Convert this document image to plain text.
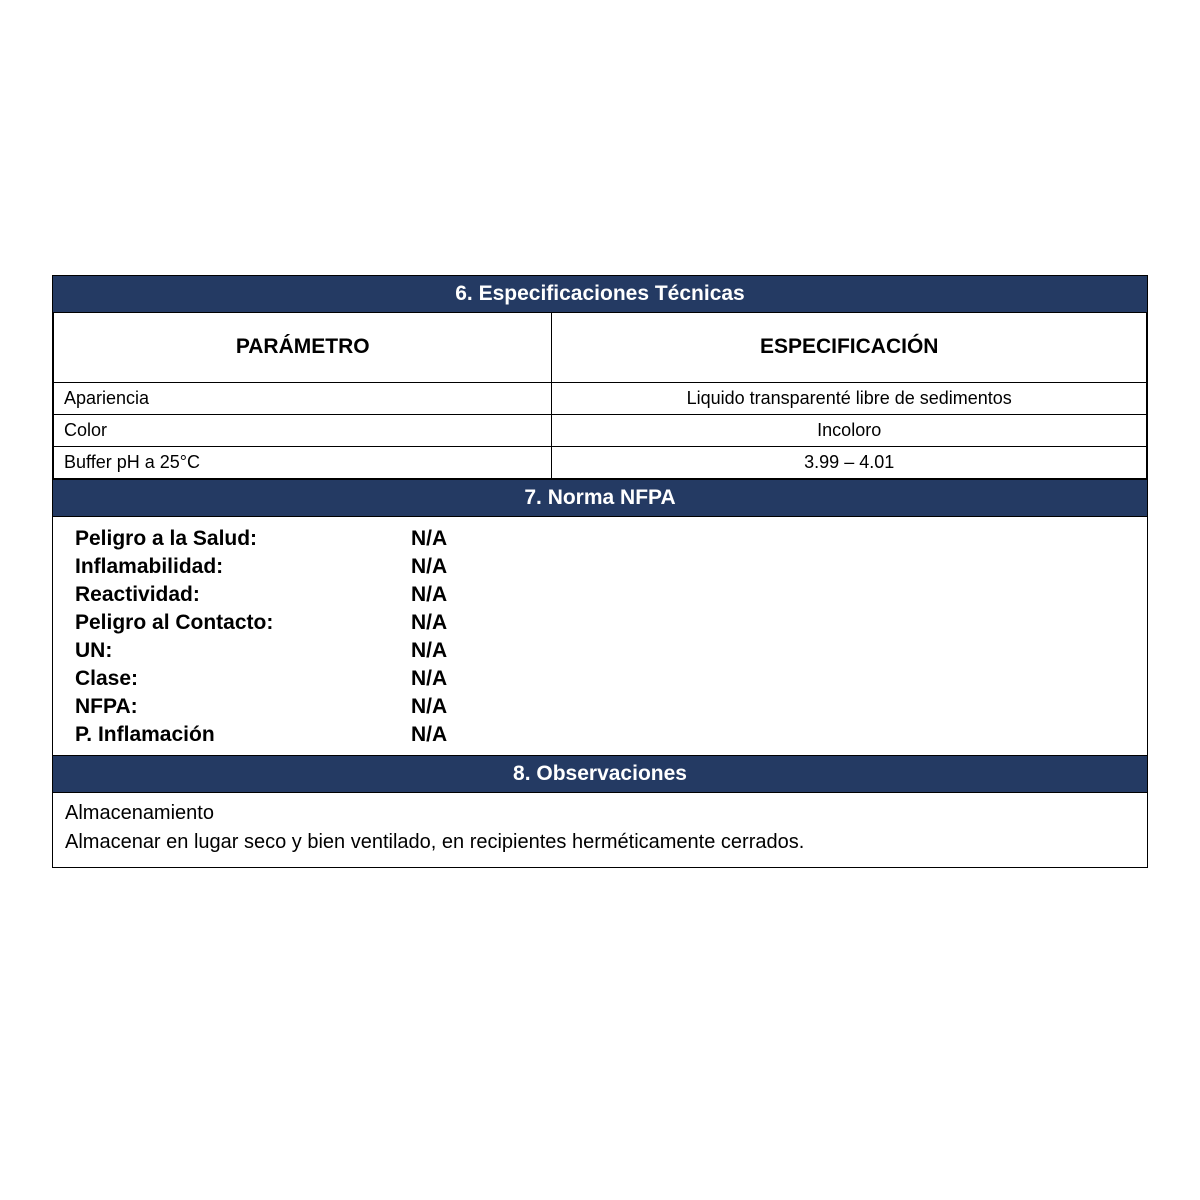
6. Especificaciones Técnicas
PARÁMETRO	ESPECIFICACIÓN
Apariencia	Liquido transparenté libre de sedimentos
Color	Incoloro
Buffer pH a 25°C	3.99 – 4.01
7. Norma NFPA
Peligro a la Salud:	N/A
Inflamabilidad:	N/A
Reactividad:	N/A
Peligro al Contacto:	N/A
UN:	N/A
Clase:	N/A
NFPA:	N/A
P. Inflamación	N/A
8. Observaciones
Almacenamiento
Almacenar en lugar seco y bien ventilado, en recipientes herméticamente cerrados.
